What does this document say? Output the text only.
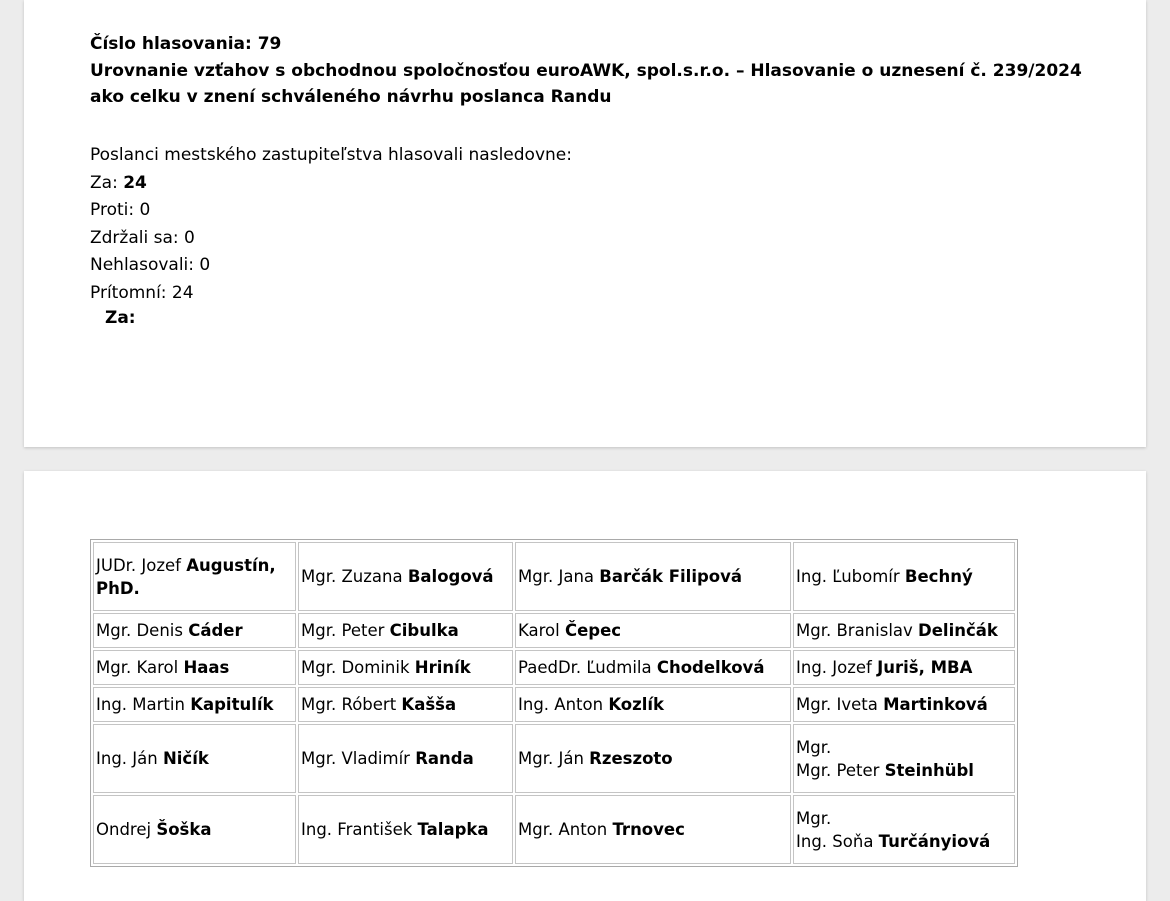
Číslo hlasovania: 79
Urovnanie vzťahov s obchodnou spoločnosťou euroAWK, spol.s.r.o. – Hlasovanie o uznesení č. 239/2024
ako celku v znení schváleného návrhu poslanca Randu
Poslanci mestského zastupiteľstva hlasovali nasledovne:
Za: 24
Proti: 0
Zdržali sa: 0
Nehlasovali: 0
Prítomní: 24
Za:
JUDr. Jozef Augustín, PhD.	Mgr. Zuzana Balogová	Mgr. Jana Barčák Filipová	Ing. Ľubomír Bechný
Mgr. Denis Cáder	Mgr. Peter Cibulka	Karol Čepec	Mgr. Branislav Delinčák
Mgr. Karol Haas	Mgr. Dominik Hriník	PaedDr. Ľudmila Chodelková	Ing. Jozef Juriš, MBA
Ing. Martin Kapitulík	Mgr. Róbert Kašša	Ing. Anton Kozlík	Mgr. Iveta Martinková
Ing. Ján Ničík	Mgr. Vladimír Randa	Mgr. Ján Rzeszoto	Mgr.
Mgr. Peter Steinhübl
Ondrej Šoška	Ing. František Talapka	Mgr. Anton Trnovec	Mgr.
Ing. Soňa Turčányiová
